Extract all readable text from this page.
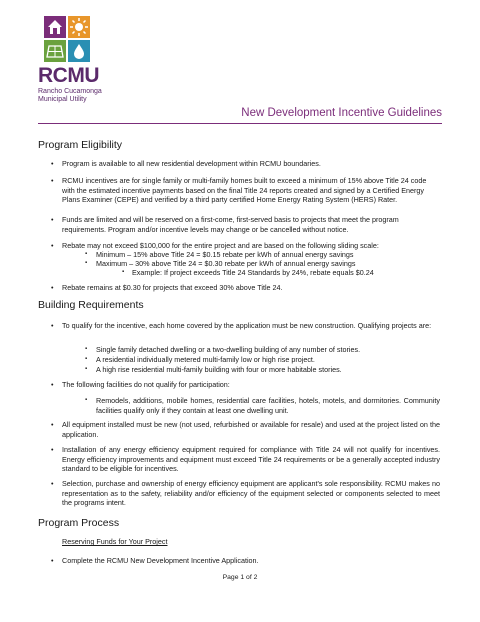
RCMU
Rancho Cucamonga
Municipal Utility
New Development Incentive Guidelines
Program Eligibility
• Program is available to all new residential development within RCMU boundaries.
• RCMU incentives are for single family or multi-family homes built to exceed a minimum of 15% above Title 24 code with the estimated incentive payments based on the final Title 24 reports created and signed by a Certified Energy Plans Examiner (CEPE) and verified by a third party certified Home Energy Rating System (HERS) Rater.
• Funds are limited and will be reserved on a first-come, first-served basis to projects that meet the program requirements. Program and/or incentive levels may change or be cancelled without notice.
• Rebate may not exceed $100,000 for the entire project and are based on the following sliding scale:
▪ Minimum – 15% above Title 24 = $0.15 rebate per kWh of annual energy savings
▪ Maximum – 30% above Title 24 = $0.30 rebate per kWh of annual energy savings
▪ Example: If project exceeds Title 24 Standards by 24%, rebate equals $0.24
• Rebate remains at $0.30 for projects that exceed 30% above Title 24.
Building Requirements
• To qualify for the incentive, each home covered by the application must be new construction. Qualifying projects are:
▪ Single family detached dwelling or a two-dwelling building of any number of stories.
▪ A residential individually metered multi-family low or high rise project.
▪ A high rise residential multi-family building with four or more habitable stories.
• The following facilities do not qualify for participation:
▪ Remodels, additions, mobile homes, residential care facilities, hotels, motels, and dormitories. Community facilities qualify only if they contain at least one dwelling unit.
• All equipment installed must be new (not used, refurbished or available for resale) and used at the project listed on the application.
• Installation of any energy efficiency equipment required for compliance with Title 24 will not qualify for incentives. Energy efficiency improvements and equipment must exceed Title 24 requirements or be a generally accepted industry standard to be eligible for incentives.
• Selection, purchase and ownership of energy efficiency equipment are applicant's sole responsibility. RCMU makes no representation as to the safety, reliability and/or efficiency of the equipment selected or components selected to meet the programs intent.
Program Process
Reserving Funds for Your Project
• Complete the RCMU New Development Incentive Application.
Page 1 of 2
